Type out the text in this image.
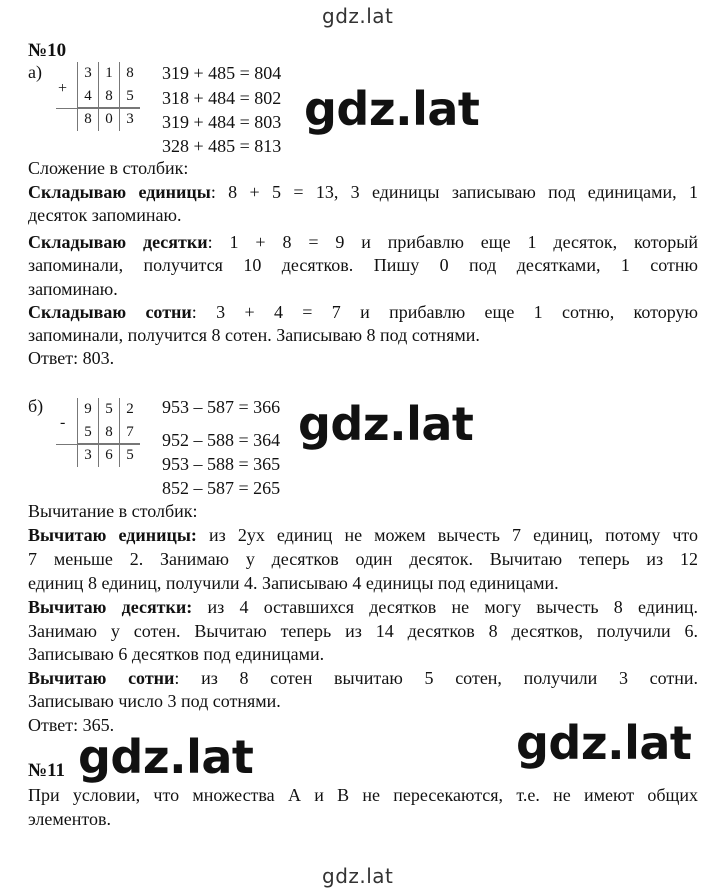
gdz.lat
gdz.lat
gdz.lat
gdz.lat
gdz.lat	gdz.lat
№10
а)
+
3 1 8
4 8 5
8 0 3
319 + 485 = 804
318 + 484 = 802
319 + 484 = 803
328 + 485 = 813
Сложение в столбик:
Складываю единицы: 8 + 5 = 13, 3 единицы записываю под единицами, 1
десяток запоминаю.
Складываю десятки: 1 + 8 = 9 и прибавлю еще 1 десяток, который
запоминали, получится 10 десятков. Пишу 0 под десятками, 1 сотню
запоминаю.
Складываю сотни: 3 + 4 = 7 и прибавлю еще 1 сотню, которую
запоминали, получится 8 сотен. Записываю 8 под сотнями.
Ответ: 803.
б)
-
9 5 2
5 8 7
3 6 5
953 – 587 = 366
952 – 588 = 364
953 – 588 = 365
852 – 587 = 265
Вычитание в столбик:
Вычитаю единицы: из 2ух единиц не можем вычесть 7 единиц, потому что
7 меньше 2. Занимаю у десятков один десяток. Вычитаю теперь из 12
единиц 8 единиц, получили 4. Записываю 4 единицы под единицами.
Вычитаю десятки: из 4 оставшихся десятков не могу вычесть 8 единиц.
Занимаю у сотен. Вычитаю теперь из 14 десятков 8 десятков, получили 6.
Записываю 6 десятков под единицами.
Вычитаю сотни: из 8 сотен вычитаю 5 сотен, получили 3 сотни.
Записываю число 3 под сотнями.
Ответ: 365.
№11
При условии, что множества А и В не пересекаются, т.е. не имеют общих
элементов.
